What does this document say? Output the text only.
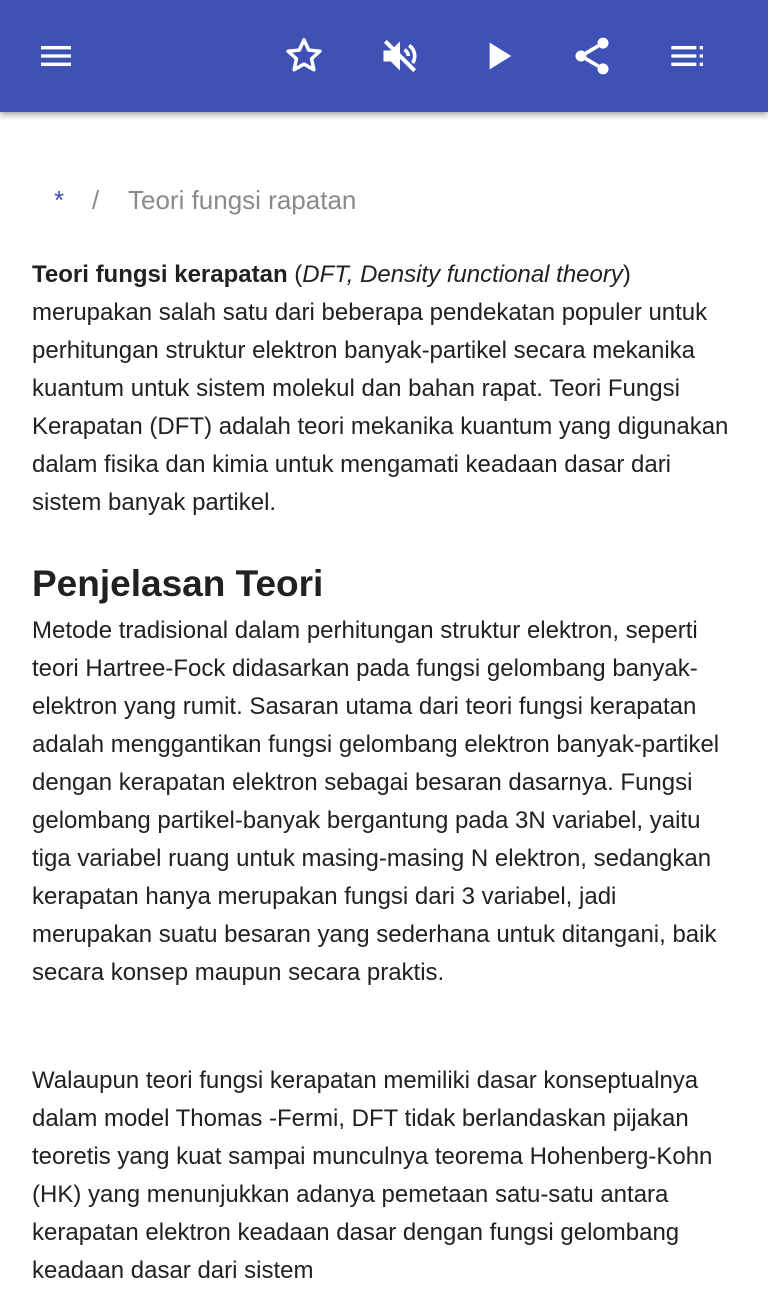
* / Teori fungsi rapatan

Teori fungsi kerapatan (DFT, Density functional theory) merupakan salah satu dari beberapa pendekatan populer untuk perhitungan struktur elektron banyak-partikel secara mekanika kuantum untuk sistem molekul dan bahan rapat. Teori Fungsi Kerapatan (DFT) adalah teori mekanika kuantum yang digunakan dalam fisika dan kimia untuk mengamati keadaan dasar dari sistem banyak partikel.

Penjelasan Teori

Metode tradisional dalam perhitungan struktur elektron, seperti teori Hartree-Fock didasarkan pada fungsi gelombang banyak-elektron yang rumit. Sasaran utama dari teori fungsi kerapatan adalah menggantikan fungsi gelombang elektron banyak-partikel dengan kerapatan elektron sebagai besaran dasarnya. Fungsi gelombang partikel-banyak bergantung pada 3N variabel, yaitu tiga variabel ruang untuk masing-masing N elektron, sedangkan kerapatan hanya merupakan fungsi dari 3 variabel, jadi merupakan suatu besaran yang sederhana untuk ditangani, baik secara konsep maupun secara praktis.

Walaupun teori fungsi kerapatan memiliki dasar konseptualnya dalam model Thomas -Fermi, DFT tidak berlandaskan pijakan teoretis yang kuat sampai munculnya teorema Hohenberg-Kohn (HK) yang menunjukkan adanya pemetaan satu-satu antara kerapatan elektron keadaan dasar dengan fungsi gelombang keadaan dasar dari sistem
